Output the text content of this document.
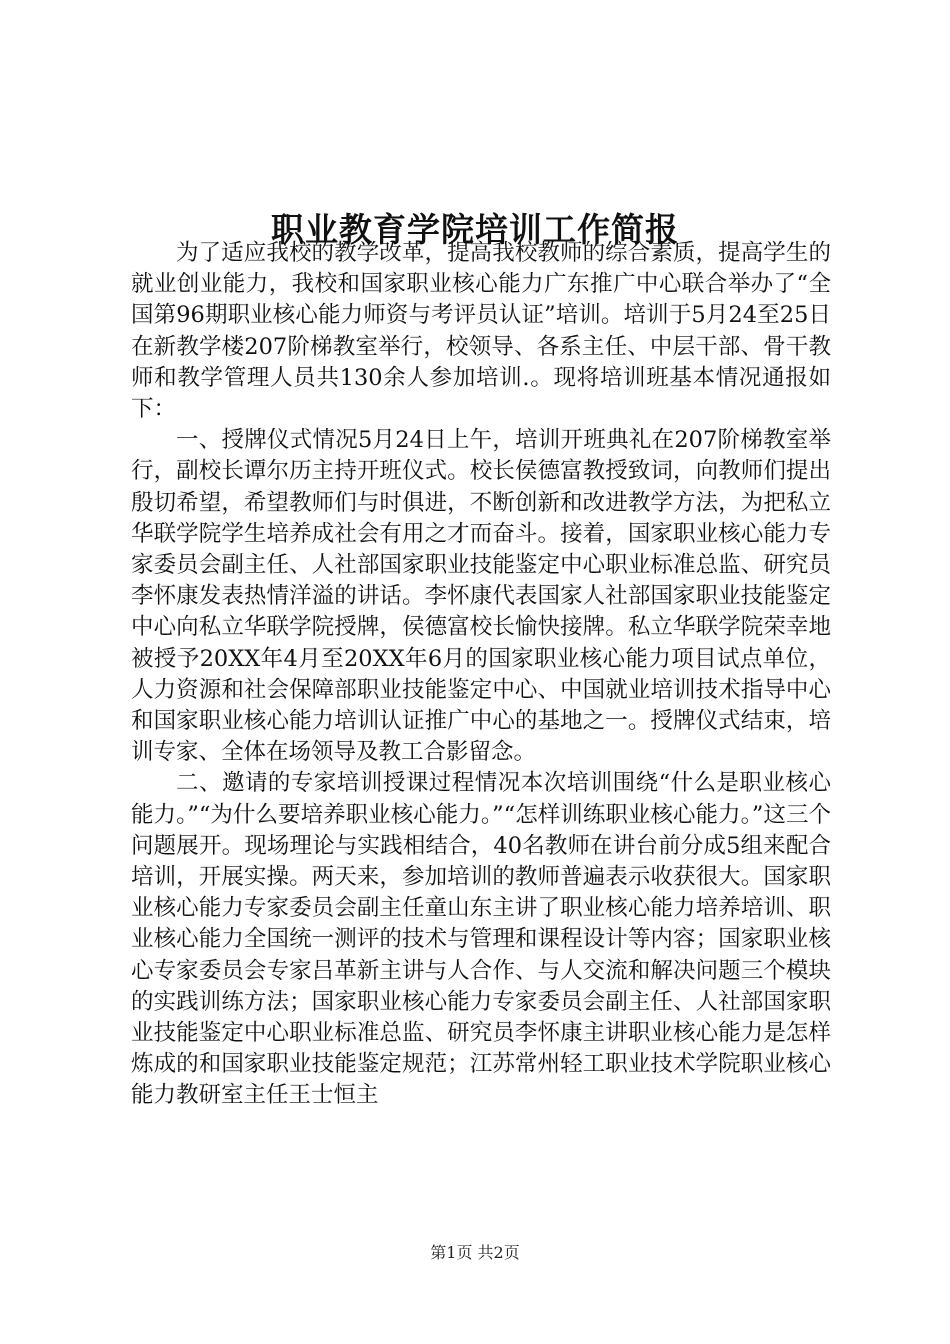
职业教育学院培训工作简报

为了适应我校的教学改革，提高我校教师的综合素质，提高学生的就业创业能力，我校和国家职业核心能力广东推广中心联合举办了“全国第96期职业核心能力师资与考评员认证”培训。培训于5月24至25日在新教学楼207阶梯教室举行，校领导、各系主任、中层干部、骨干教师和教学管理人员共130余人参加培训.。现将培训班基本情况通报如下：

一、授牌仪式情况5月24日上午，培训开班典礼在207阶梯教室举行，副校长谭尔历主持开班仪式。校长侯德富教授致词，向教师们提出殷切希望，希望教师们与时俱进，不断创新和改进教学方法，为把私立华联学院学生培养成社会有用之才而奋斗。接着，国家职业核心能力专家委员会副主任、人社部国家职业技能鉴定中心职业标准总监、研究员李怀康发表热情洋溢的讲话。李怀康代表国家人社部国家职业技能鉴定中心向私立华联学院授牌，侯德富校长愉快接牌。私立华联学院荣幸地被授予20XX年4月至20XX年6月的国家职业核心能力项目试点单位，人力资源和社会保障部职业技能鉴定中心、中国就业培训技术指导中心和国家职业核心能力培训认证推广中心的基地之一。授牌仪式结束，培训专家、全体在场领导及教工合影留念。

二、邀请的专家培训授课过程情况本次培训围绕“什么是职业核心能力。”“为什么要培养职业核心能力。”“怎样训练职业核心能力。”这三个问题展开。现场理论与实践相结合，40名教师在讲台前分成5组来配合培训，开展实操。两天来，参加培训的教师普遍表示收获很大。国家职业核心能力专家委员会副主任童山东主讲了职业核心能力培养培训、职业核心能力全国统一测评的技术与管理和课程设计等内容；国家职业核心专家委员会专家吕革新主讲与人合作、与人交流和解决问题三个模块的实践训练方法；国家职业核心能力专家委员会副主任、人社部国家职业技能鉴定中心职业标准总监、研究员李怀康主讲职业核心能力是怎样炼成的和国家职业技能鉴定规范；江苏常州轻工职业技术学院职业核心能力教研室主任王士恒主

第1页 共2页
